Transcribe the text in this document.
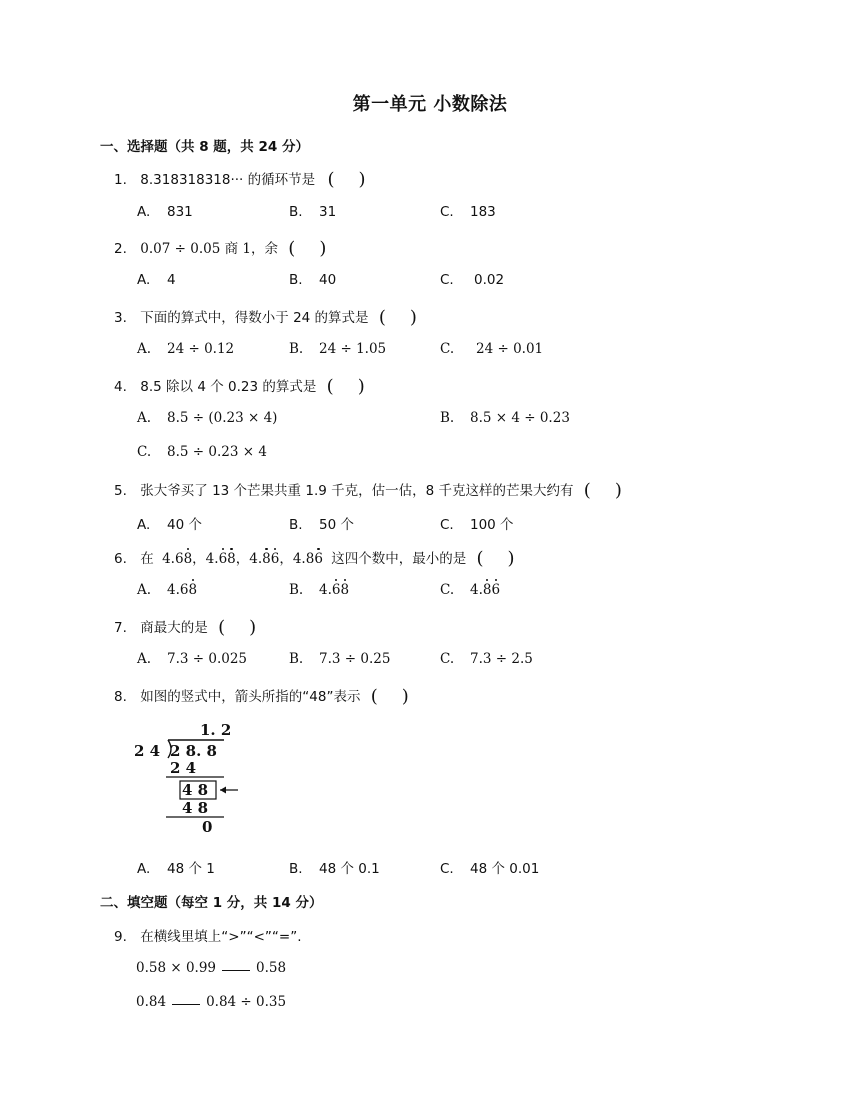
第一单元 小数除法
一、选择题（共 8 题，共 24 分）
1. 8.318318318··· 的循环节是 ( )
A. 831	B. 31	C. 183
2. 0.07 ÷ 0.05 商 1，余 ( )
A. 4	B. 40	C. 0.02
3. 下面的算式中，得数小于 24 的算式是 ( )
A. 24 ÷ 0.12	B. 24 ÷ 1.05	C. 24 ÷ 0.01
4. 8.5 除以 4 个 0.23 的算式是 ( )
A. 8.5 ÷ (0.23 × 4)	B. 8.5 × 4 ÷ 0.23
C. 8.5 ÷ 0.23 × 4
5. 张大爷买了 13 个芒果共重 1.9 千克，估一估，8 千克这样的芒果大约有 ( )
A. 40 个	B. 50 个	C. 100 个
6. 在 4.68，4.68，4.86，4.86 这四个数中，最小的是 ( )
A. 4.68	B. 4.68	C. 4.86
7. 商最大的是 ( )
A. 7.3 ÷ 0.025	B. 7.3 ÷ 0.25	C. 7.3 ÷ 2.5
8. 如图的竖式中，箭头所指的“48”表示 ( )
1. 2
2 4 2 8. 8
2 4
4 8
4 8
0
A. 48 个 1	B. 48 个 0.1	C. 48 个 0.01
二、填空题（每空 1 分，共 14 分）
9. 在横线里填上“>”“<”“=”.
0.58 × 0.99	0.58
0.84	0.84 ÷ 0.35
